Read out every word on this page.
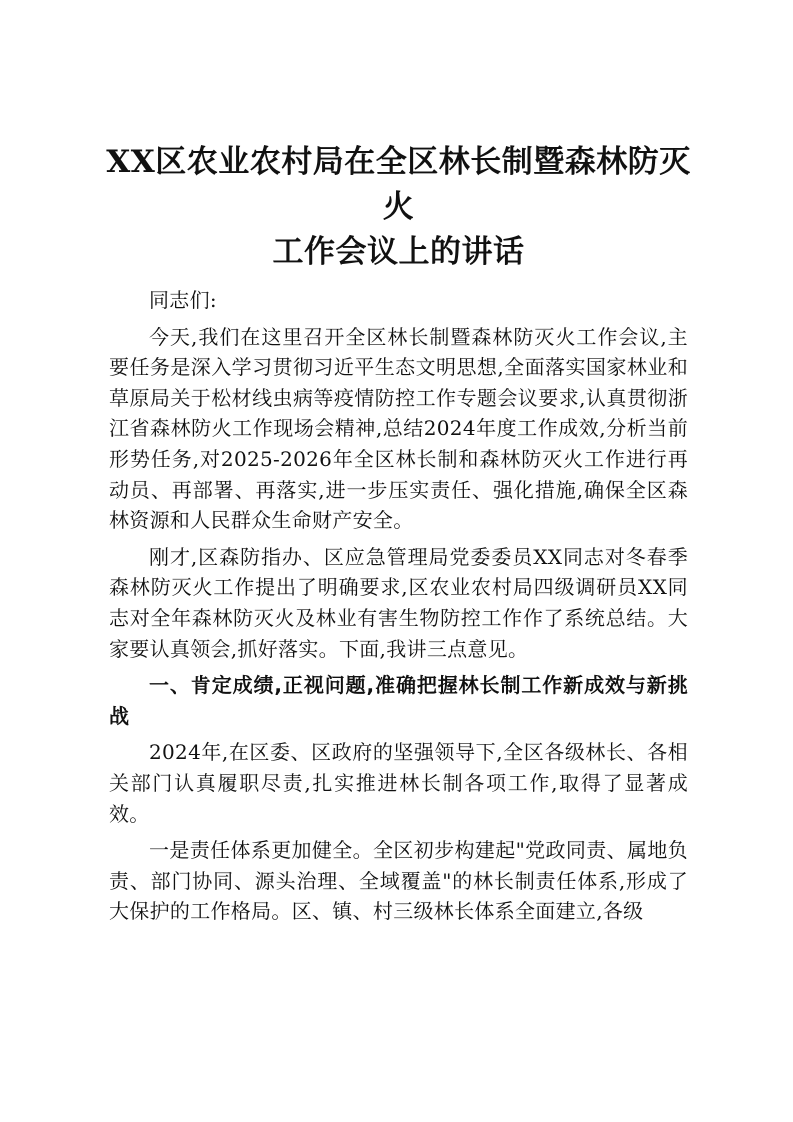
XX区农业农村局在全区林长制暨森林防灭火
工作会议上的讲话

同志们:

今天,我们在这里召开全区林长制暨森林防灭火工作会议,主要任务是深入学习贯彻习近平生态文明思想,全面落实国家林业和草原局关于松材线虫病等疫情防控工作专题会议要求,认真贯彻浙江省森林防火工作现场会精神,总结2024年度工作成效,分析当前形势任务,对2025-2026年全区林长制和森林防灭火工作进行再动员、再部署、再落实,进一步压实责任、强化措施,确保全区森林资源和人民群众生命财产安全。

刚才,区森防指办、区应急管理局党委委员XX同志对冬春季森林防灭火工作提出了明确要求,区农业农村局四级调研员XX同志对全年森林防灭火及林业有害生物防控工作作了系统总结。大家要认真领会,抓好落实。下面,我讲三点意见。

一、肯定成绩,正视问题,准确把握林长制工作新成效与新挑战

2024年,在区委、区政府的坚强领导下,全区各级林长、各相关部门认真履职尽责,扎实推进林长制各项工作,取得了显著成效。

一是责任体系更加健全。全区初步构建起"党政同责、属地负责、部门协同、源头治理、全域覆盖"的林长制责任体系,形成了大保护的工作格局。区、镇、村三级林长体系全面建立,各级
